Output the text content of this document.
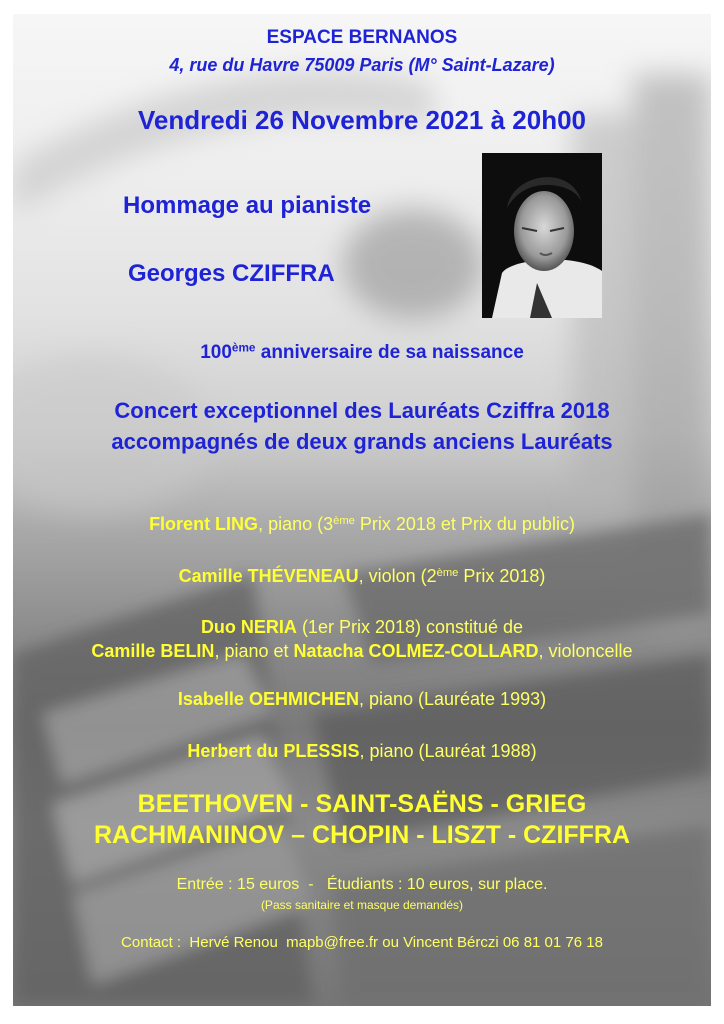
ESPACE BERNANOS

4, rue du Havre 75009 Paris (M° Saint-Lazare)

Vendredi 26 Novembre 2021 à 20h00

Hommage au pianiste

Georges CZIFFRA

100ème anniversaire de sa naissance

Concert exceptionnel des Lauréats Cziffra 2018

accompagnés de deux grands anciens Lauréats

Florent LING, piano (3ème Prix 2018 et Prix du public)

Camille THÉVENEAU, violon (2ème Prix 2018)

Duo NERIA (1er Prix 2018) constitué de

Camille BELIN, piano et Natacha COLMEZ-COLLARD, violoncelle

Isabelle OEHMICHEN, piano (Lauréate 1993)

Herbert du PLESSIS, piano (Lauréat 1988)

BEETHOVEN - SAINT-SAËNS - GRIEG

RACHMANINOV – CHOPIN - LISZT - CZIFFRA

Entrée : 15 euros  -   Étudiants : 10 euros, sur place.

(Pass sanitaire et masque demandés)

Contact :  Hervé Renou  mapb@free.fr ou Vincent Bérczi 06 81 01 76 18
